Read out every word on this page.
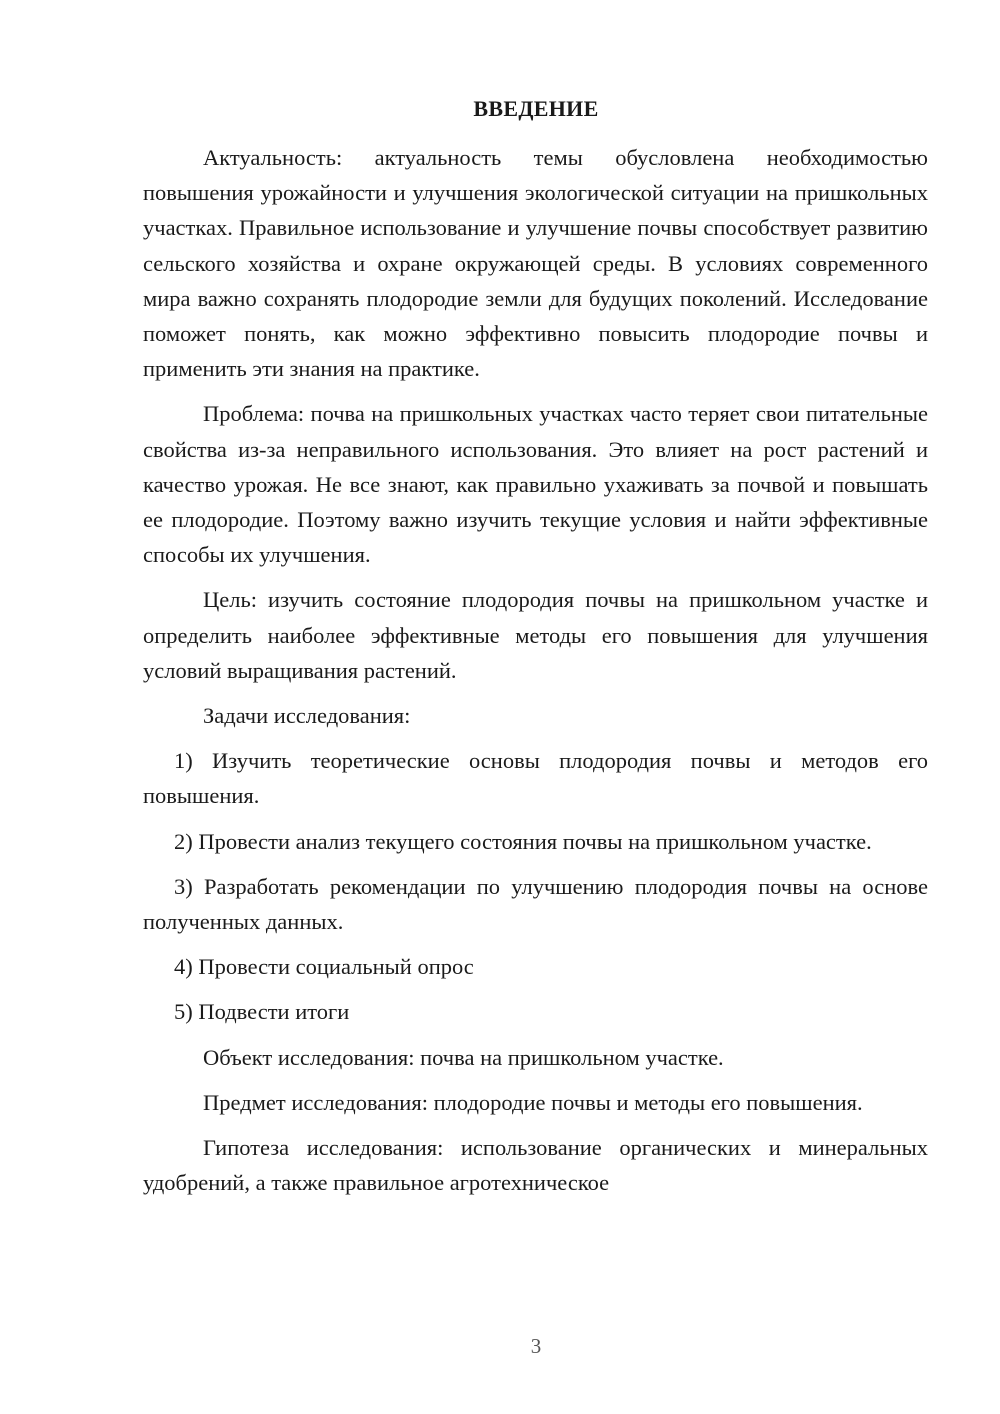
ВВЕДЕНИЕ

Актуальность: актуальность темы обусловлена необходимостью повышения урожайности и улучшения экологической ситуации на пришкольных участках. Правильное использование и улучшение почвы способствует развитию сельского хозяйства и охране окружающей среды. В условиях современного мира важно сохранять плодородие земли для будущих поколений. Исследование поможет понять, как можно эффективно повысить плодородие почвы и применить эти знания на практике.

Проблема: почва на пришкольных участках часто теряет свои питательные свойства из-за неправильного использования. Это влияет на рост растений и качество урожая. Не все знают, как правильно ухаживать за почвой и повышать ее плодородие. Поэтому важно изучить текущие условия и найти эффективные способы их улучшения.

Цель: изучить состояние плодородия почвы на пришкольном участке и определить наиболее эффективные методы его повышения для улучшения условий выращивания растений.

Задачи исследования:

1) Изучить теоретические основы плодородия почвы и методов его повышения.

2) Провести анализ текущего состояния почвы на пришкольном участке.

3) Разработать рекомендации по улучшению плодородия почвы на основе полученных данных.

4) Провести социальный опрос

5) Подвести итоги

Объект исследования: почва на пришкольном участке.

Предмет исследования: плодородие почвы и методы его повышения.

Гипотеза исследования: использование органических и минеральных удобрений, а также правильное агротехническое

3
